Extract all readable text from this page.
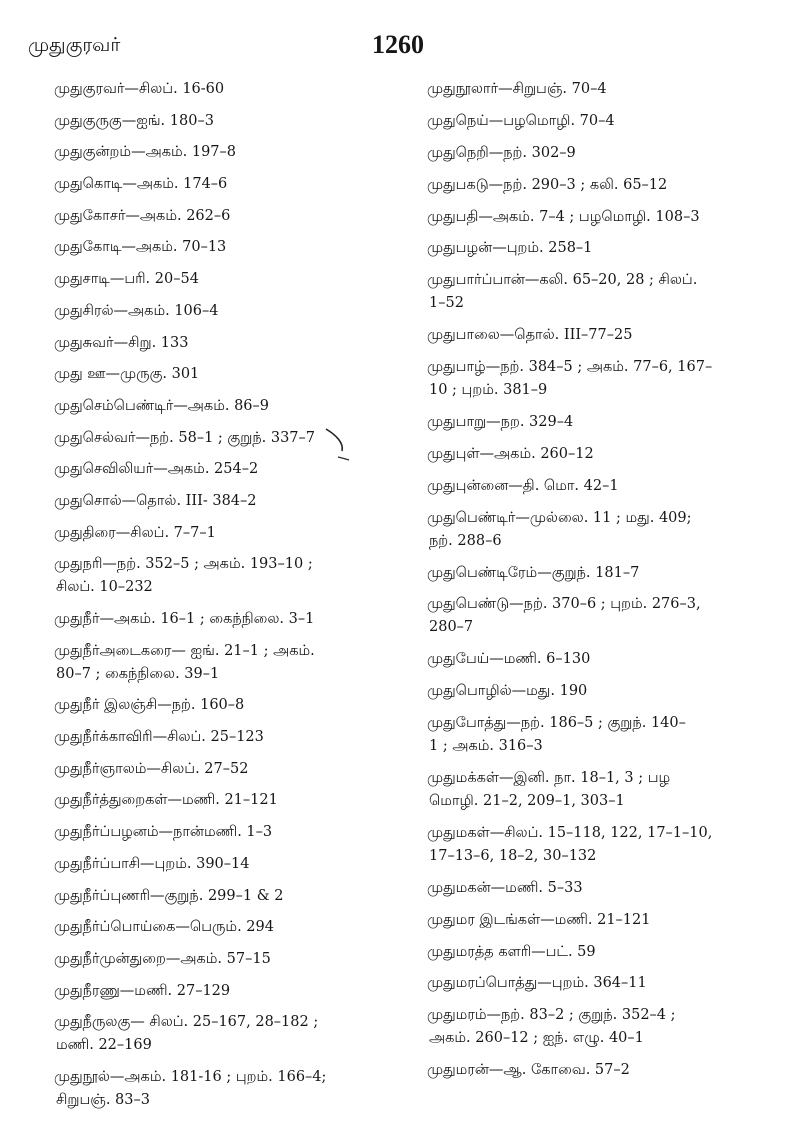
முதுகுரவர்	1260
முதுகுரவர்—சிலப். 16-60
முதுகுருகு—ஐங். 180–3
முதுகுன்றம்—அகம். 197–8
முதுகொடி—அகம். 174–6
முதுகோசர்—அகம். 262–6
முதுகோடி—அகம். 70–13
முதுசாடி—பரி. 20–54
முதுசிரல்—அகம். 106–4
முதுசுவர்—சிறு. 133
முது ஊ—முருகு. 301
முதுசெம்பெண்டிர்—அகம். 86–9
முதுசெல்வர்—நற். 58–1 ; குறுந். 337–7
முதுசெவிலியர்—அகம். 254–2
முதுசொல்—தொல். III- 384–2
முதுதிரை—சிலப். 7–7–1
முதுநரி—நற். 352–5 ; அகம். 193–10 ;
சிலப். 10–232
முதுநீர்—அகம். 16–1 ; கைந்நிலை. 3–1
முதுநீர்அடைகரை— ஐங். 21–1 ; அகம்.
80–7 ; கைந்நிலை. 39–1
முதுநீர் இலஞ்சி—நற். 160–8
முதுநீர்க்காவிரி—சிலப். 25–123
முதுநீர்ஞாலம்—சிலப். 27–52
முதுநீர்த்துறைகள்—மணி. 21–121
முதுநீர்ப்பழனம்—நான்மணி. 1–3
முதுநீர்ப்பாசி—புறம். 390–14
முதுநீர்ப்புணரி—குறுந். 299–1 & 2
முதுநீர்ப்பொய்கை—பெரும். 294
முதுநீர்முன்துறை—அகம். 57–15
முதுநீரணு—மணி. 27–129
முதுநீருலகு— சிலப். 25–167, 28–182 ;
மணி. 22–169
முதுநூல்—அகம். 181-16 ; புறம். 166–4;
சிறுபஞ். 83–3
முதுநூலார்—சிறுபஞ். 70–4
முதுநெய்—பழமொழி. 70–4
முதுநெறி—நற். 302–9
முதுபகடு—நற். 290–3 ; கலி. 65–12
முதுபதி—அகம். 7–4 ; பழமொழி. 108–3
முதுபழன்—புறம். 258–1
முதுபார்ப்பான்—கலி. 65–20, 28 ; சிலப்.
1–52
முதுபாலை—தொல். III–77–25
முதுபாழ்—நற். 384–5 ; அகம். 77–6, 167–
10 ; புறம். 381–9
முதுபாறு—நற. 329–4
முதுபுள்—அகம். 260–12
முதுபுன்னை—தி. மொ. 42–1
முதுபெண்டிர்—முல்லை. 11 ; மது. 409;
நற். 288–6
முதுபெண்டிரேம்—குறுந். 181–7
முதுபெண்டு—நற். 370–6 ; புறம். 276–3,
280–7
முதுபேய்—மணி. 6–130
முதுபொழில்—மது. 190
முதுபோத்து—நற். 186–5 ; குறுந். 140–
1 ; அகம். 316–3
முதுமக்கள்—இனி. நா. 18–1, 3 ; பழ
மொழி. 21–2, 209–1, 303–1
முதுமகள்—சிலப். 15–118, 122, 17–1–10,
17–13–6, 18–2, 30–132
முதுமகன்—மணி. 5–33
முதுமர இடங்கள்—மணி. 21–121
முதுமரத்த களரி—பட். 59
முதுமரப்பொத்து—புறம். 364–11
முதுமரம்—நற். 83–2 ; குறுந். 352–4 ;
அகம். 260–12 ; ஐந். எழு. 40–1
முதுமரன்—ஆ. கோவை. 57–2
